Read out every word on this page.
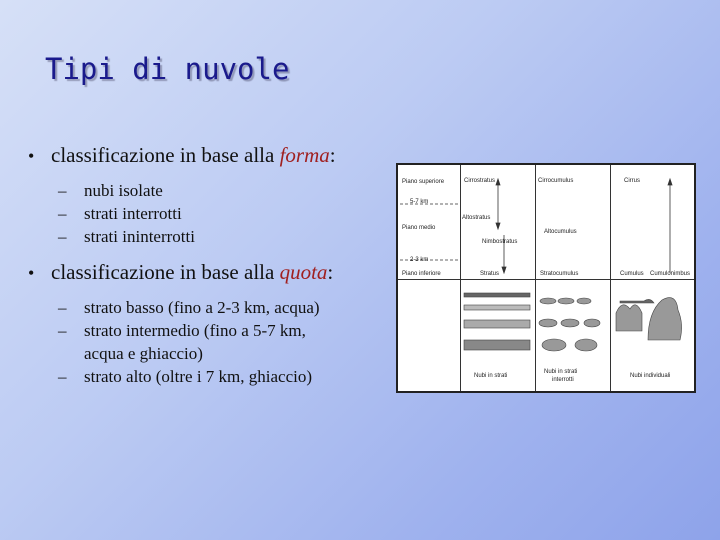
Tipi di nuvole
• classificazione in base alla forma:
–	nubi isolate
–	strati interrotti
–	strati ininterrotti
• classificazione in base alla quota:
–	strato basso (fino a 2-3 km, acqua)
–	strato intermedio (fino a 5-7 km,
acqua e ghiaccio)
–	strato alto (oltre i 7 km, ghiaccio)
Piano superiore
5-7 km
Piano medio
2-3 km
Piano inferiore
Cirrostratus	Cirrocumulus	Cirrus
Altostratus
Nimbostratus
Altocumulus
Stratus	Stratocumulus	Cumulus Cumulonimbus
Nubi in strati
Nubi in strati
interrotti
Nubi individuali
